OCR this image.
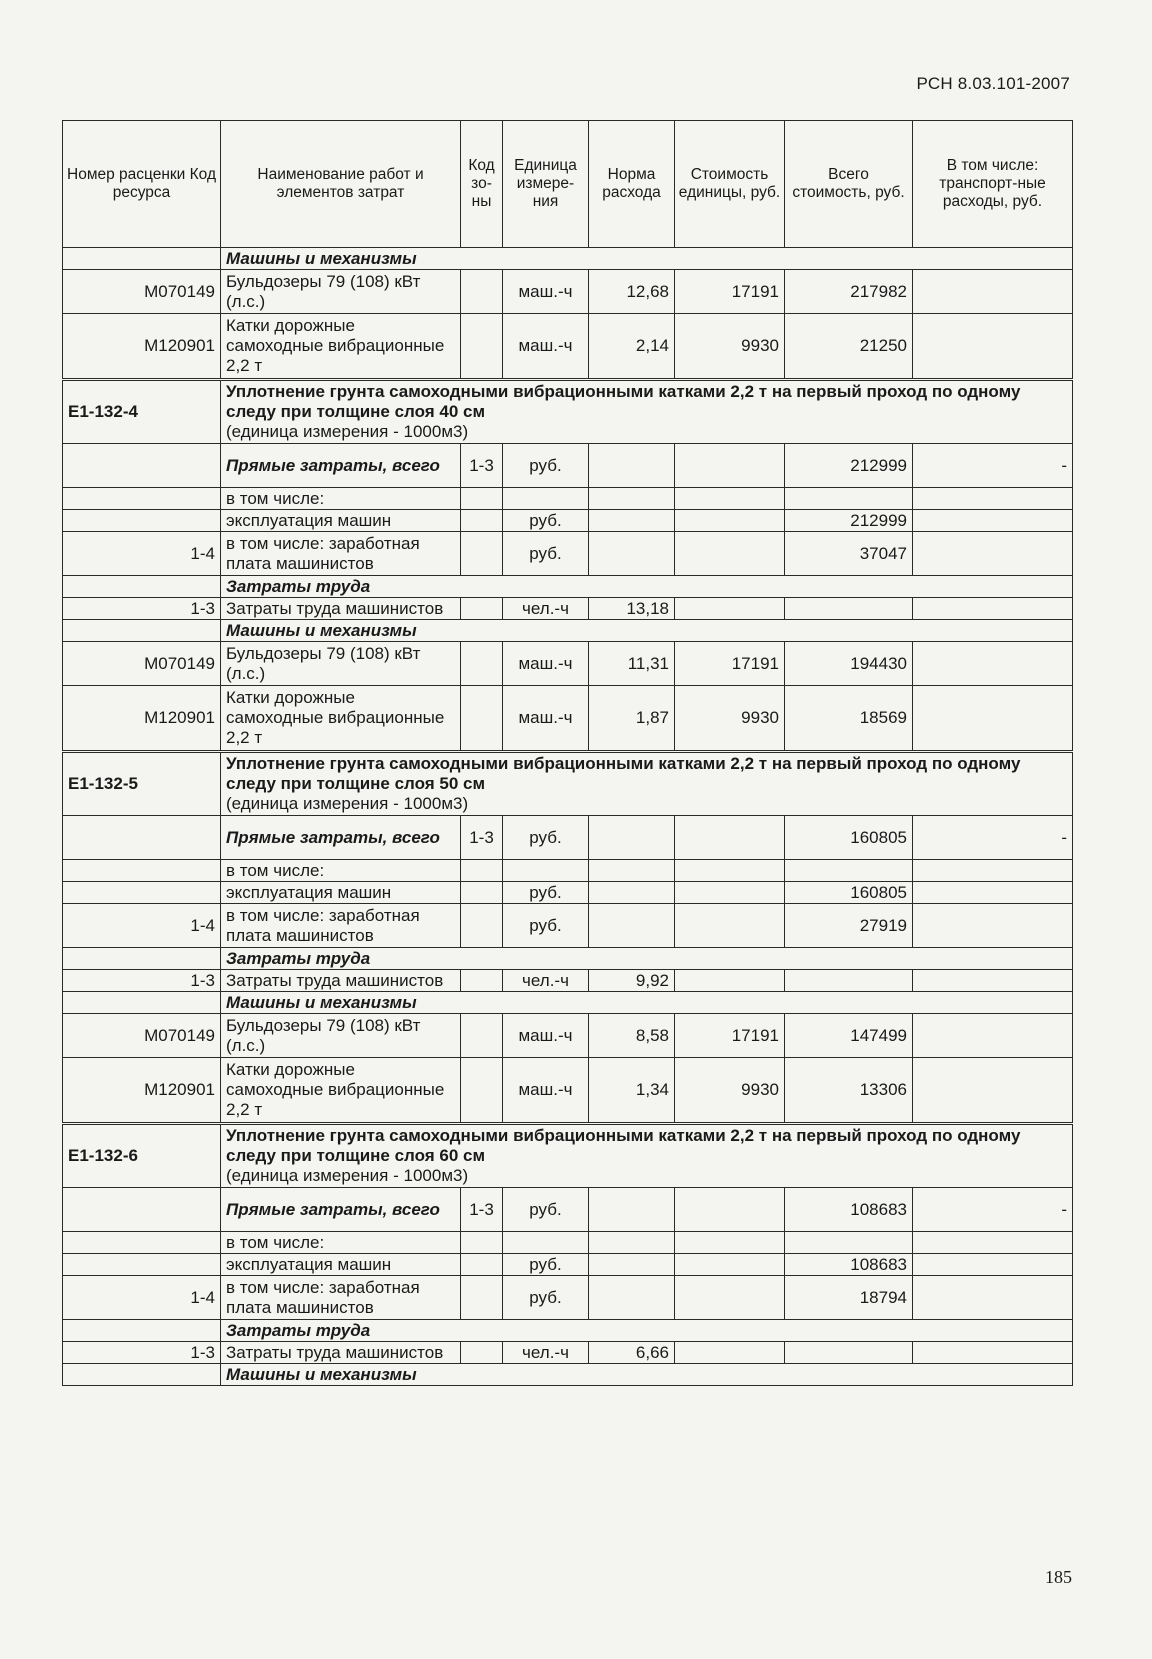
РСН 8.03.101-2007
Номер расценки Код ресурса	Наименование работ и элементов затрат	Код зо-ны	Единица измере-ния	Норма расхода	Стоимость единицы, руб.	Всего стоимость, руб.	В том числе: транспорт-ные расходы, руб.
	Машины и механизмы						
М070149	Бульдозеры 79 (108) кВт (л.с.)		маш.-ч	12,68	17191	217982	
М120901	Катки дорожные самоходные вибрационные 2,2 т		маш.-ч	2,14	9930	21250	
Е1-132-4	Уплотнение грунта самоходными вибрационными катками 2,2 т на первый проход по одному следу при толщине слоя 40 см
(единица измерения - 1000м3)						

	Прямые затраты, всего	1-3	руб.			212999	-
	в том числе:						
	эксплуатация машин		руб.			212999	
1-4	в том числе: заработная плата машинистов		руб.			37047	
	Затраты труда						
1-3	Затраты труда машинистов		чел.-ч	13,18			
	Машины и механизмы						
М070149	Бульдозеры 79 (108) кВт (л.с.)		маш.-ч	11,31	17191	194430	
М120901	Катки дорожные самоходные вибрационные 2,2 т		маш.-ч	1,87	9930	18569	
Е1-132-5	Уплотнение грунта самоходными вибрационными катками 2,2 т на первый проход по одному следу при толщине слоя 50 см
(единица измерения - 1000м3)						

	Прямые затраты, всего	1-3	руб.			160805	-
	в том числе:						
	эксплуатация машин		руб.			160805	
1-4	в том числе: заработная плата машинистов		руб.			27919	
	Затраты труда						
1-3	Затраты труда машинистов		чел.-ч	9,92			
	Машины и механизмы						
М070149	Бульдозеры 79 (108) кВт (л.с.)		маш.-ч	8,58	17191	147499	
М120901	Катки дорожные самоходные вибрационные 2,2 т		маш.-ч	1,34	9930	13306	
Е1-132-6	Уплотнение грунта самоходными вибрационными катками 2,2 т на первый проход по одному следу при толщине слоя 60 см
(единица измерения - 1000м3)						

	Прямые затраты, всего	1-3	руб.			108683	-
	в том числе:						
	эксплуатация машин		руб.			108683	
1-4	в том числе: заработная плата машинистов		руб.			18794	
	Затраты труда						
1-3	Затраты труда машинистов		чел.-ч	6,66			
	Машины и механизмы						
185
